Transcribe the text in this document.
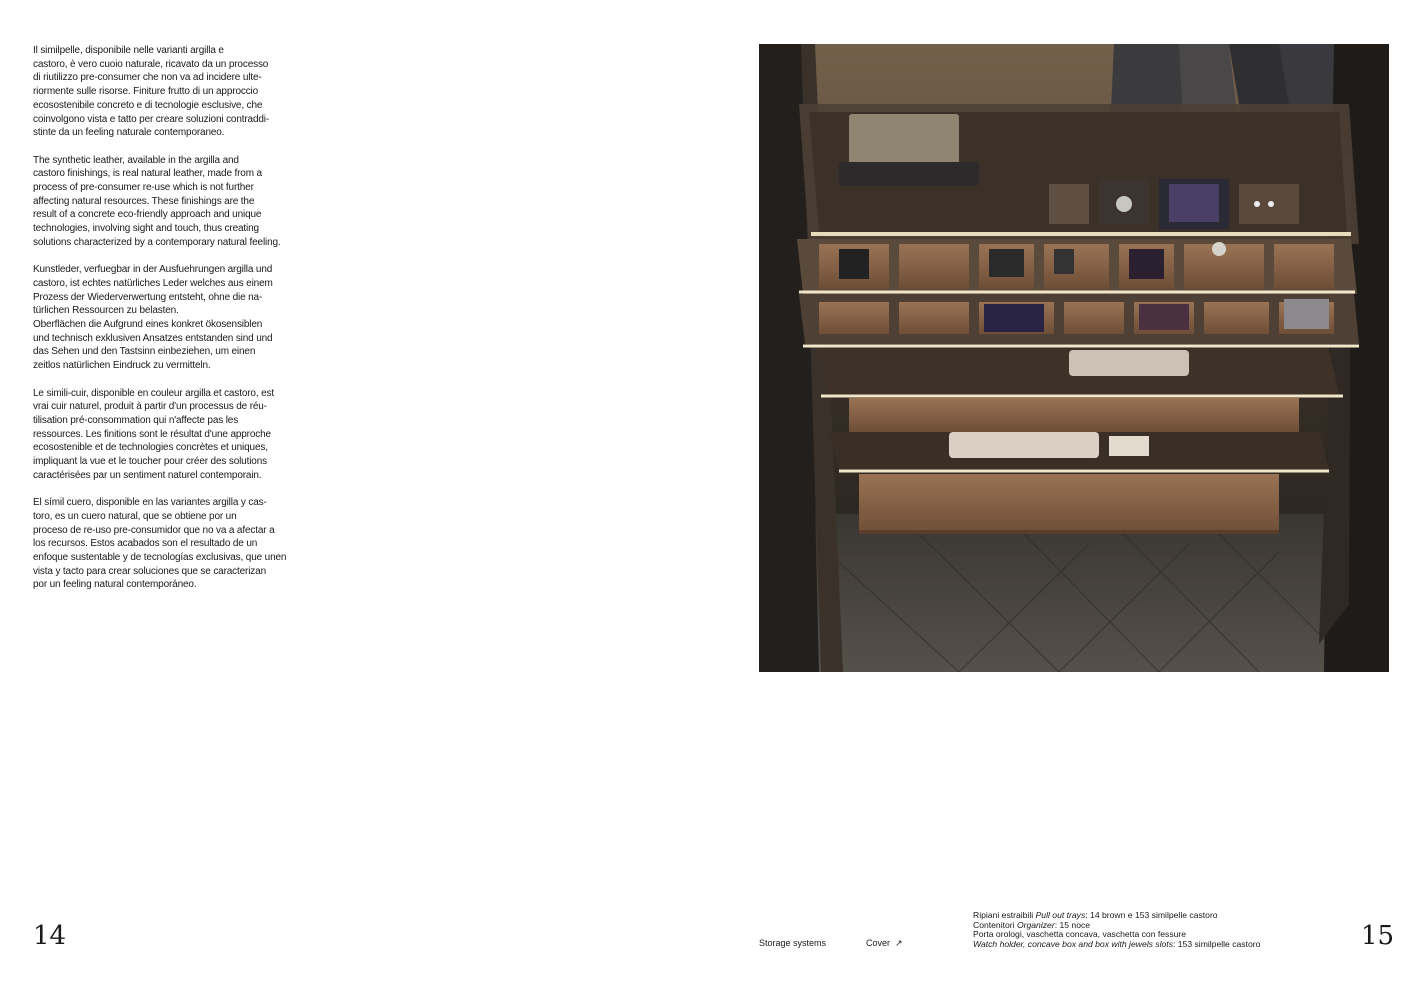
Il similpelle, disponibile nelle varianti argilla e
castoro, è vero cuoio naturale, ricavato da un processo
di riutilizzo pre-consumer che non va ad incidere ulte-
riormente sulle risorse. Finiture frutto di un approccio
ecosostenibile concreto e di tecnologie esclusive, che
coinvolgono vista e tatto per creare soluzioni contraddi-
stinte da un feeling naturale contemporaneo.

The synthetic leather, available in the argilla and
castoro finishings, is real natural leather, made from a
process of pre-consumer re-use which is not further
affecting natural resources. These finishings are the
result of a concrete eco-friendly approach and unique
technologies, involving sight and touch, thus creating
solutions characterized by a contemporary natural feeling.

Kunstleder, verfuegbar in der Ausfuehrungen argilla und
castoro, ist echtes natürliches Leder welches aus einem
Prozess der Wiederverwertung entsteht, ohne die na-
türlichen Ressourcen zu belasten.
Oberflächen die Aufgrund eines konkret ökosensiblen
und technisch exklusiven Ansatzes entstanden sind und
das Sehen und den Tastsinn einbeziehen, um einen
zeitlos natürlichen Eindruck zu vermitteln.

Le simili-cuir, disponible en couleur argilla et castoro, est
vrai cuir naturel, produit à partir d'un processus de réu-
tilisation pré-consommation qui n'affecte pas les
ressources. Les finitions sont le résultat d'une approche
ecosostenible et de technologies concrètes et uniques,
impliquant la vue et le toucher pour créer des solutions
caractérisées par un sentiment naturel contemporain.

El símil cuero, disponible en las variantes argilla y cas-
toro, es un cuero natural, que se obtiene por un
proceso de re-uso pre-consumidor que no va a afectar a
los recursos. Estos acabados son el resultado de un
enfoque sustentable y de tecnologías exclusivas, que unen
vista y tacto para crear soluciones que se caracterizan
por un feeling natural contemporáneo.

14	15
Storage systems	Cover ↗
Ripiani estraibili Pull out trays: 14 brown e 153 similpelle castoro
Contenitori Organizer: 15 noce
Porta orologi, vaschetta concava, vaschetta con fessure
Watch holder, concave box and box with jewels slots: 153 similpelle castoro
